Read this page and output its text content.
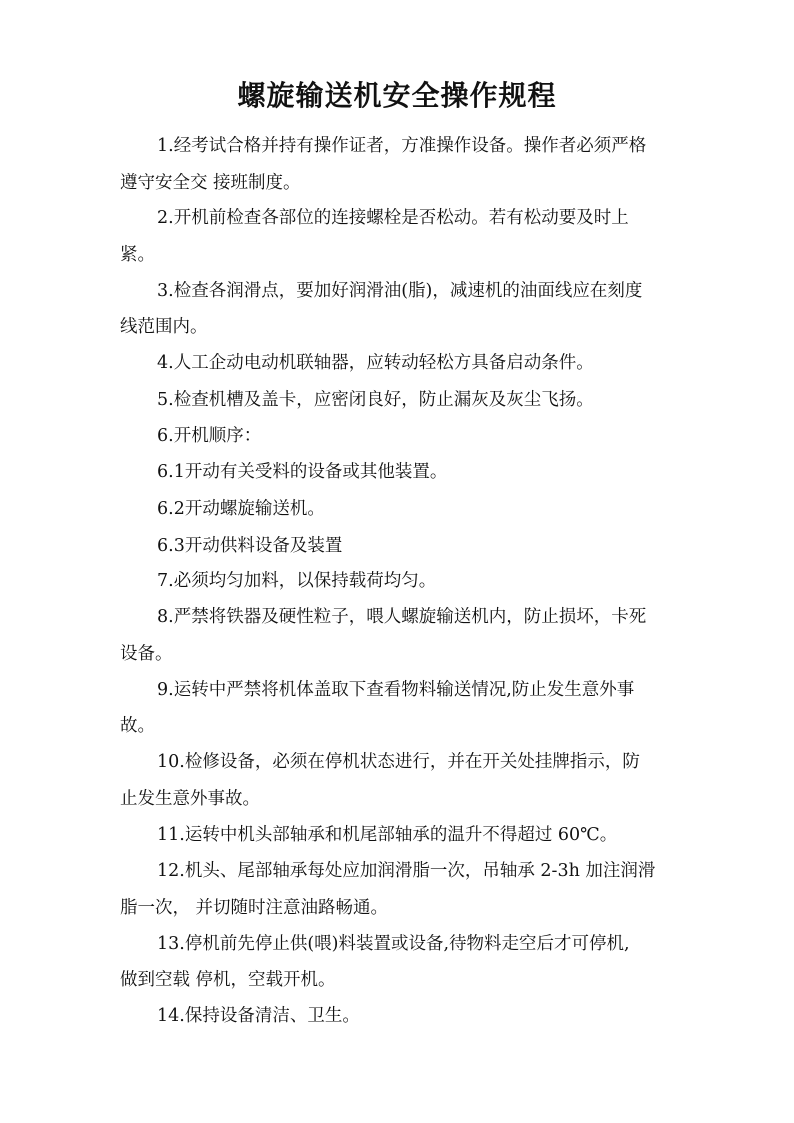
螺旋输送机安全操作规程
1.经考试合格并持有操作证者，方准操作设备。操作者必须严格
遵守安全交 接班制度。
2.开机前检查各部位的连接螺栓是否松动。若有松动要及时上
紧。
3.检查各润滑点，要加好润滑油(脂)，减速机的油面线应在刻度
线范围内。
4.人工企动电动机联轴器，应转动轻松方具备启动条件。
5.检查机槽及盖卡，应密闭良好，防止漏灰及灰尘飞扬。
6.开机顺序：
6.1开动有关受料的设备或其他装置。
6.2开动螺旋输送机。
6.3开动供料设备及装置
7.必须均匀加料，以保持载荷均匀。
8.严禁将铁器及硬性粒子，喂人螺旋输送机内，防止损坏，卡死
设备。
9.运转中严禁将机体盖取下查看物料输送情况,防止发生意外事
故。
10.检修设备，必须在停机状态进行，并在开关处挂牌指示，防
止发生意外事故。
11.运转中机头部轴承和机尾部轴承的温升不得超过 60℃。
12.机头、尾部轴承每处应加润滑脂一次，吊轴承 2-3h 加注润滑
脂一次， 并切随时注意油路畅通。
13.停机前先停止供(喂)料装置或设备,待物料走空后才可停机,
做到空载 停机，空载开机。
14.保持设备清洁、卫生。
